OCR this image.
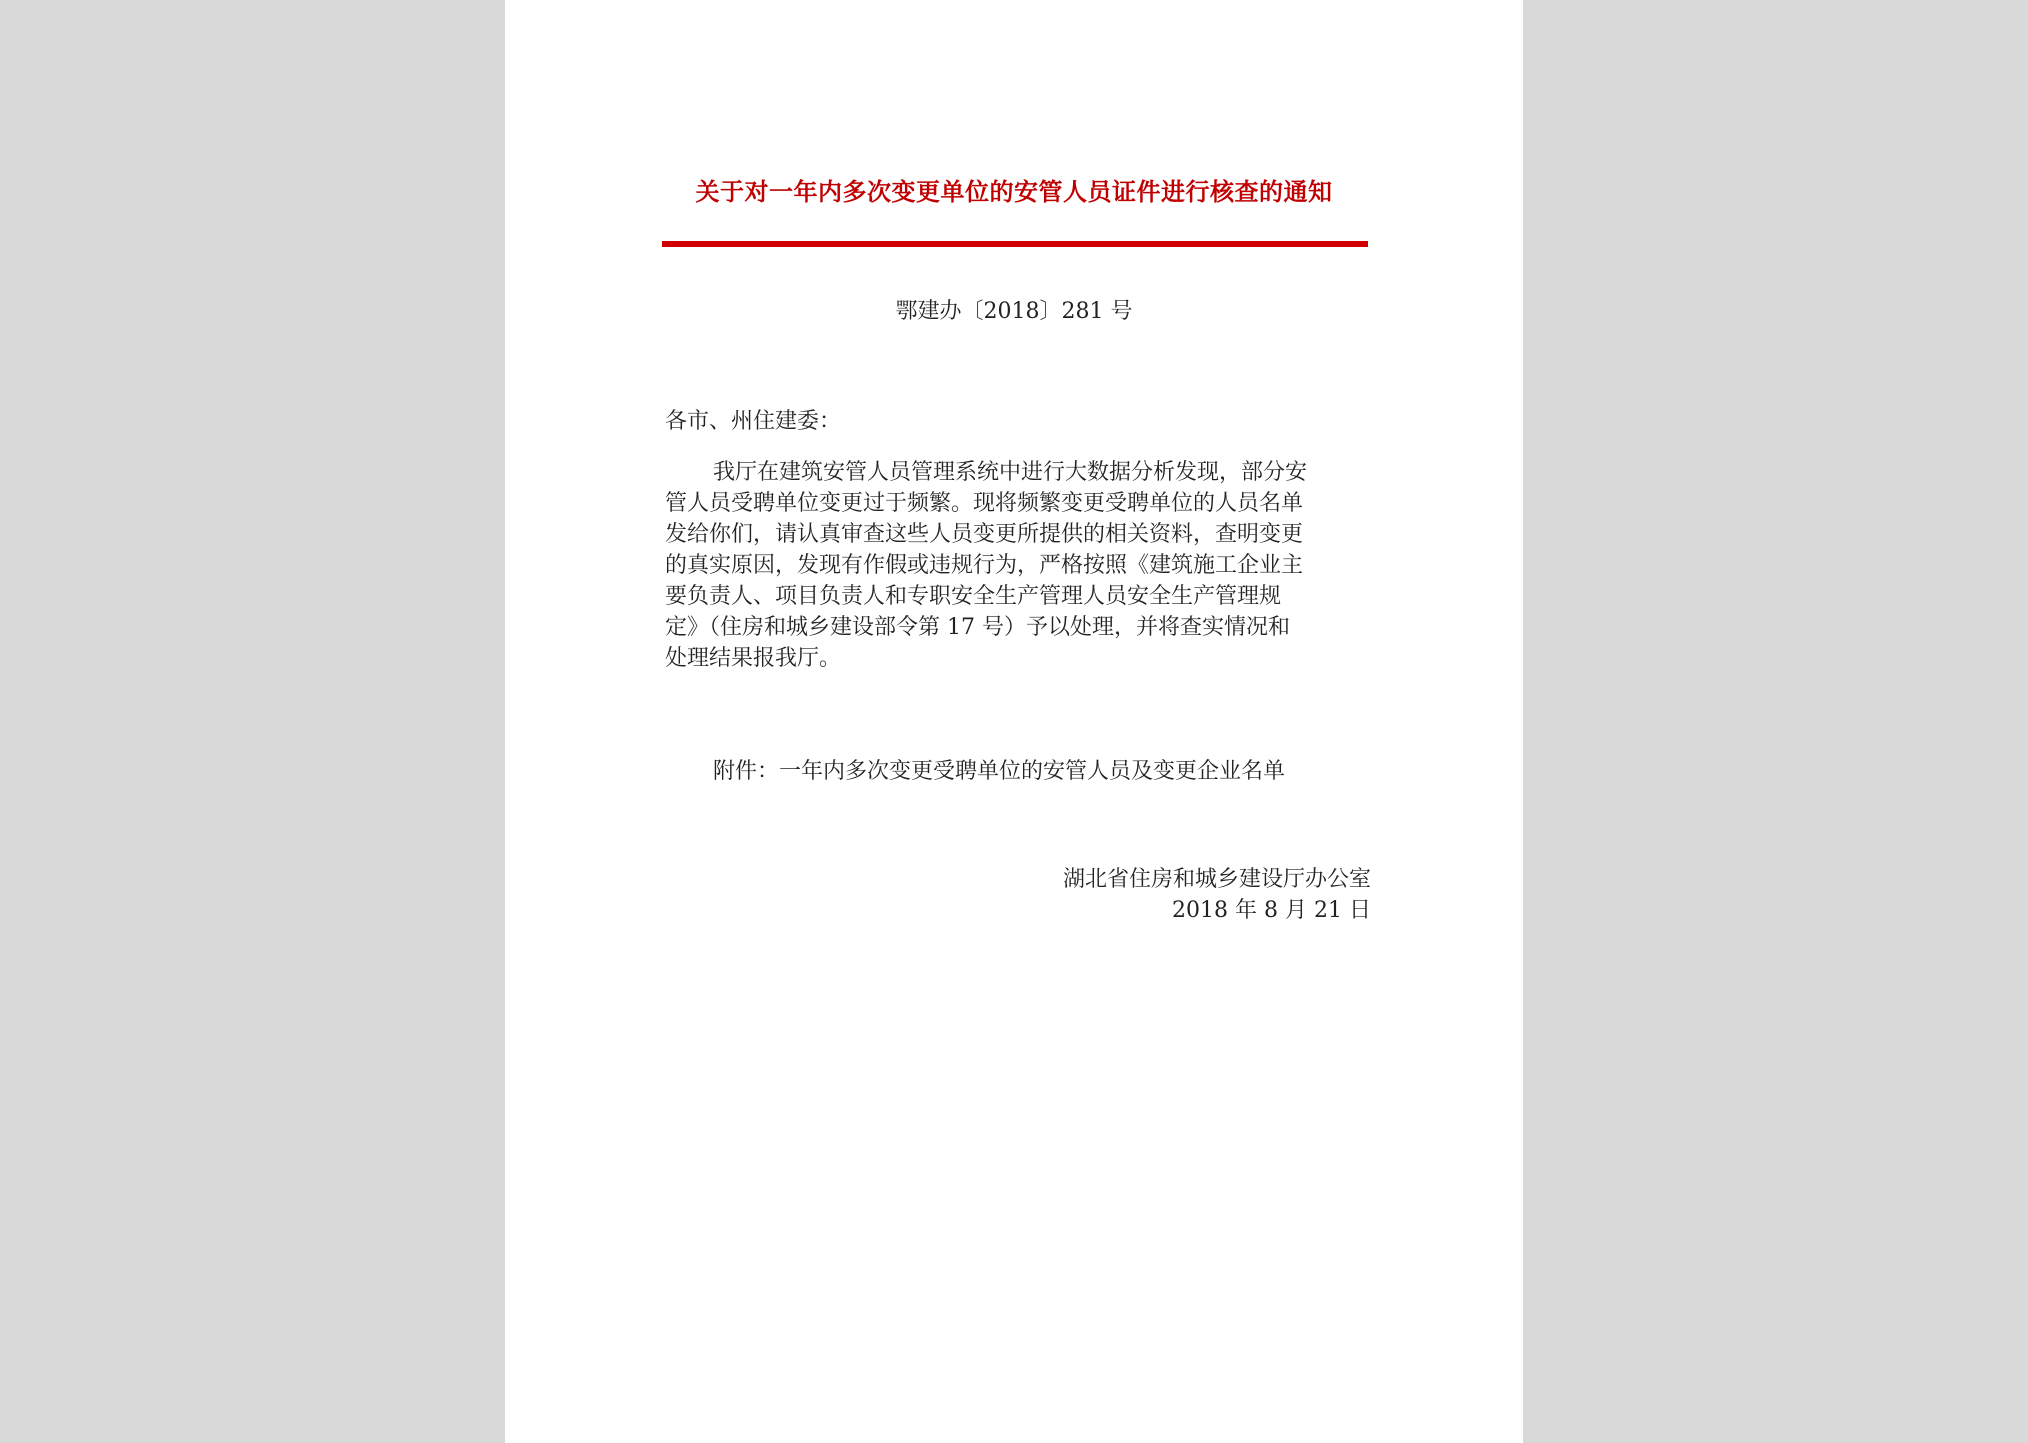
关于对一年内多次变更单位的安管人员证件进行核查的通知
鄂建办〔2018〕281 号
各市、州住建委：
我厅在建筑安管人员管理系统中进行大数据分析发现，部分安
管人员受聘单位变更过于频繁。现将频繁变更受聘单位的人员名单
发给你们，请认真审查这些人员变更所提供的相关资料，查明变更
的真实原因，发现有作假或违规行为，严格按照《建筑施工企业主
要负责人、项目负责人和专职安全生产管理人员安全生产管理规
定》（住房和城乡建设部令第 17 号）予以处理，并将查实情况和
处理结果报我厅。
附件：一年内多次变更受聘单位的安管人员及变更企业名单
湖北省住房和城乡建设厅办公室
2018 年 8 月 21 日
